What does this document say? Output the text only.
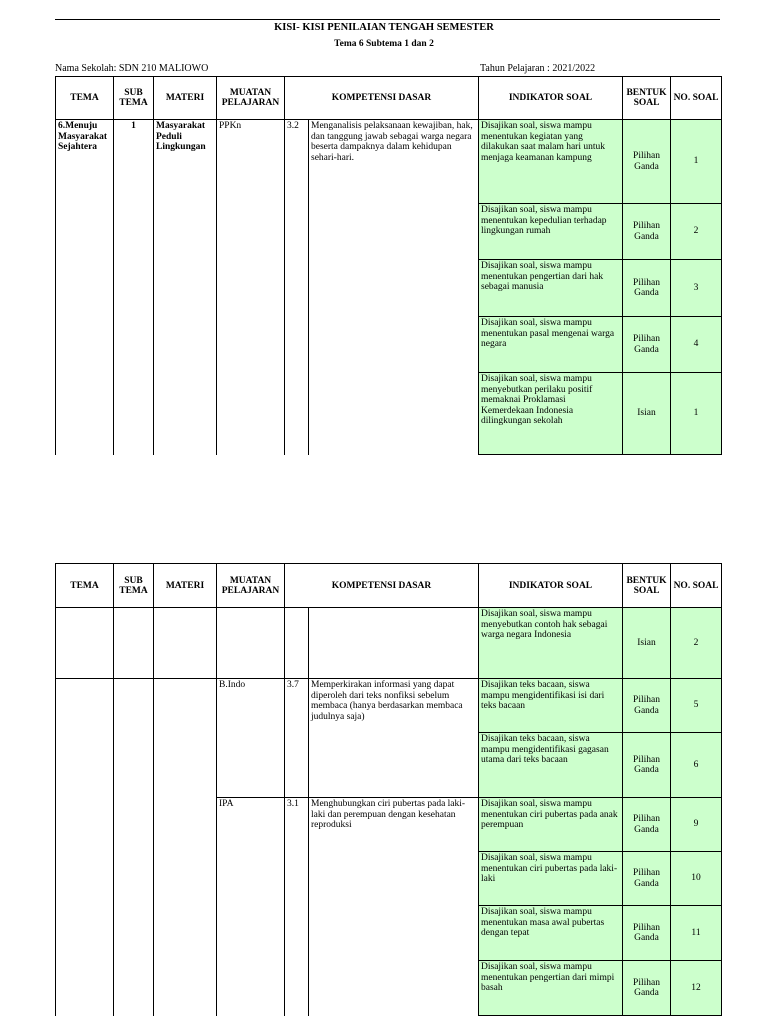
KISI- KISI PENILAIAN TENGAH SEMESTER
Tema 6 Subtema 1 dan 2
Nama Sekolah: SDN 210 MALIOWO	Tahun Pelajaran : 2021/2022
TEMA	SUB TEMA	MATERI	MUATAN PELAJARAN	KOMPETENSI DASAR		INDIKATOR SOAL	BENTUK SOAL	NO. SOAL
6.Menuju Masyarakat Sejahtera	1	Masyarakat Peduli Lingkungan	PPKn	3.2	Menganalisis pelaksanaan kewajiban, hak, dan tanggung jawab sebagai warga negara beserta dampaknya dalam kehidupan sehari-hari.	Disajikan soal, siswa mampu menentukan kegiatan yang dilakukan saat malam hari untuk menjaga keamanan kampung	Pilihan Ganda	1
						Disajikan soal, siswa mampu menentukan kepedulian terhadap lingkungan rumah	Pilihan Ganda	2
						Disajikan soal, siswa mampu menentukan pengertian dari hak sebagai manusia	Pilihan Ganda	3
						Disajikan soal, siswa mampu menentukan pasal mengenai warga negara	Pilihan Ganda	4
						Disajikan soal, siswa mampu menyebutkan perilaku positif memaknai Proklamasi Kemerdekaan Indonesia dilingkungan sekolah	Isian	1
TEMA	SUB TEMA	MATERI	MUATAN PELAJARAN	KOMPETENSI DASAR		INDIKATOR SOAL	BENTUK SOAL	NO. SOAL
						Disajikan soal, siswa mampu menyebutkan contoh hak sebagai warga negara Indonesia	Isian	2
			B.Indo	3.7	Memperkirakan informasi yang dapat diperoleh dari teks nonfiksi sebelum membaca (hanya berdasarkan membaca judulnya saja)	Disajikan teks bacaan, siswa mampu mengidentifikasi isi dari teks bacaan	Pilihan Ganda	5
						Disajikan teks bacaan, siswa mampu mengidentifikasi gagasan utama dari teks bacaan	Pilihan Ganda	6
			IPA	3.1	Menghubungkan ciri pubertas pada laki-laki dan perempuan dengan kesehatan reproduksi	Disajikan soal, siswa mampu menentukan ciri pubertas pada anak perempuan	Pilihan Ganda	9
						Disajikan soal, siswa mampu menentukan ciri pubertas pada laki-laki	Pilihan Ganda	10
						Disajikan soal, siswa mampu menentukan masa awal pubertas dengan tepat	Pilihan Ganda	11
						Disajikan soal, siswa mampu menentukan pengertian dari mimpi basah	Pilihan Ganda	12
